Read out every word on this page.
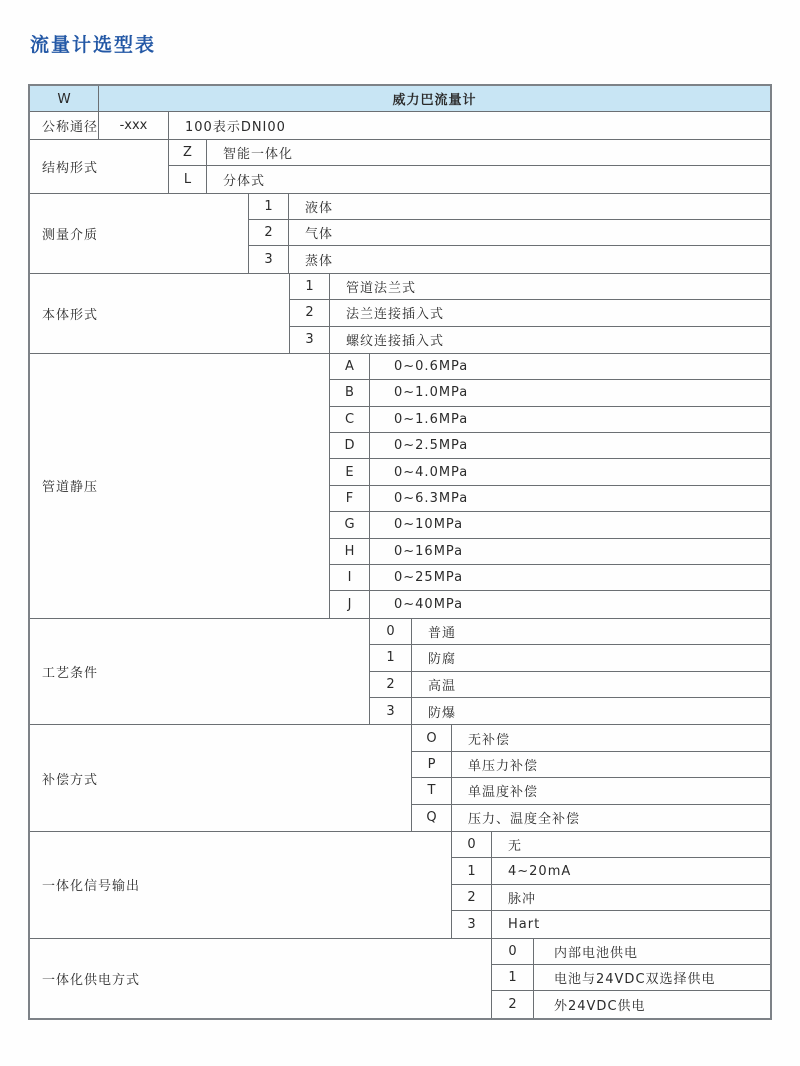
流量计选型表
W	威力巴流量计
公称通径	-xxx	100表示DNI00
结构形式
Z	智能一体化
L	分体式
测量介质
1	液体
2	气体
3	蒸体
本体形式
1	管道法兰式
2	法兰连接插入式
3	螺纹连接插入式
管道静压
A	0~0.6MPa
B	0~1.0MPa
C	0~1.6MPa
D	0~2.5MPa
E	0~4.0MPa
F	0~6.3MPa
G	0~10MPa
H	0~16MPa
I	0~25MPa
J	0~40MPa
工艺条件
0	普通
1	防腐
2	高温
3	防爆
补偿方式
O	无补偿
P	单压力补偿
T	单温度补偿
Q	压力、温度全补偿
一体化信号输出
0	无
1	4~20mA
2	脉冲
3	Hart
一体化供电方式
0	内部电池供电
1	电池与24VDC双选择供电
2	外24VDC供电
